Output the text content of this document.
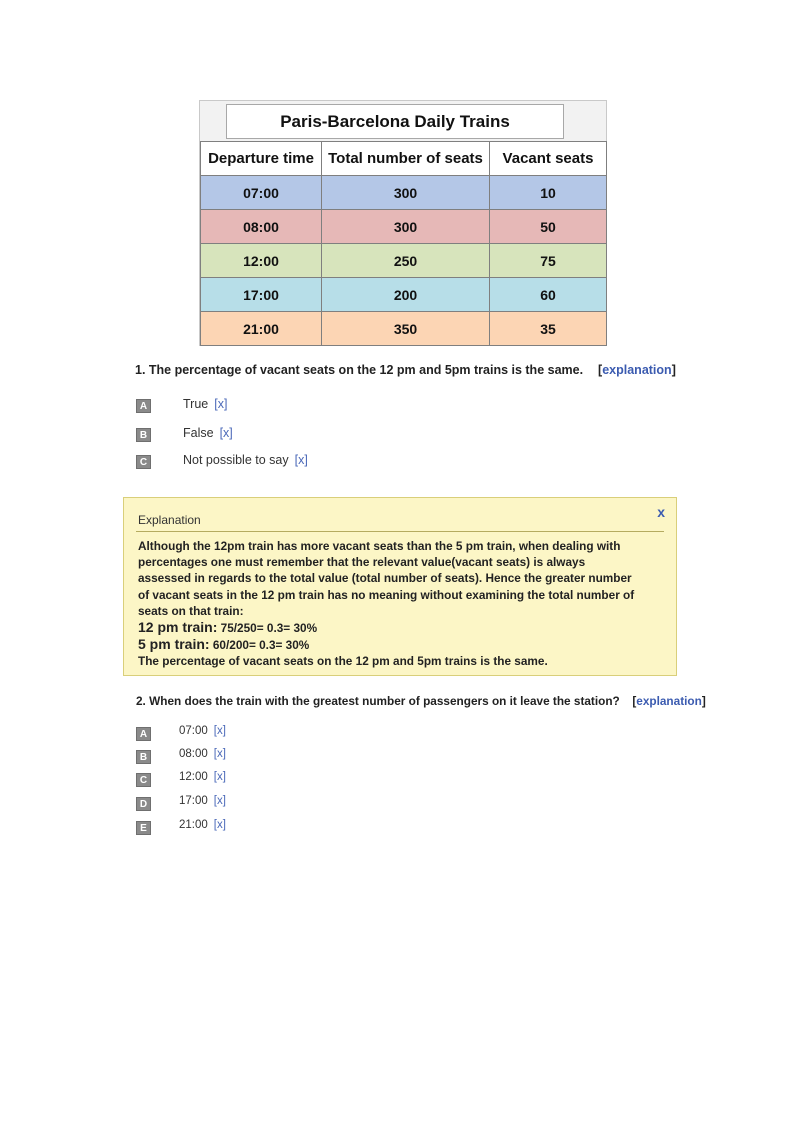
Paris-Barcelona Daily Trains
Departure time	Total number of seats	Vacant seats
07:00	300	10
08:00	300	50
12:00	250	75
17:00	200	60
21:00	350	35
1. The percentage of vacant seats on the 12 pm and 5pm trains is the same. [explanation]
A	True [x]
B	False [x]
C	Not possible to say [x]
Explanation	x

Although the 12pm train has more vacant seats than the 5 pm train, when dealing with

percentages one must remember that the relevant value(vacant seats) is always

assessed in regards to the total value (total number of seats). Hence the greater number

of vacant seats in the 12 pm train has no meaning without examining the total number of

seats on that train:

12 pm train: 75/250= 0.3= 30%

5 pm train: 60/200= 0.3= 30%

The percentage of vacant seats on the 12 pm and 5pm trains is the same.

2. When does the train with the greatest number of passengers on it leave the station? [explanation]
A	07:00 [x]
B	08:00 [x]
C	12:00 [x]
D	17:00 [x]
E	21:00 [x]
